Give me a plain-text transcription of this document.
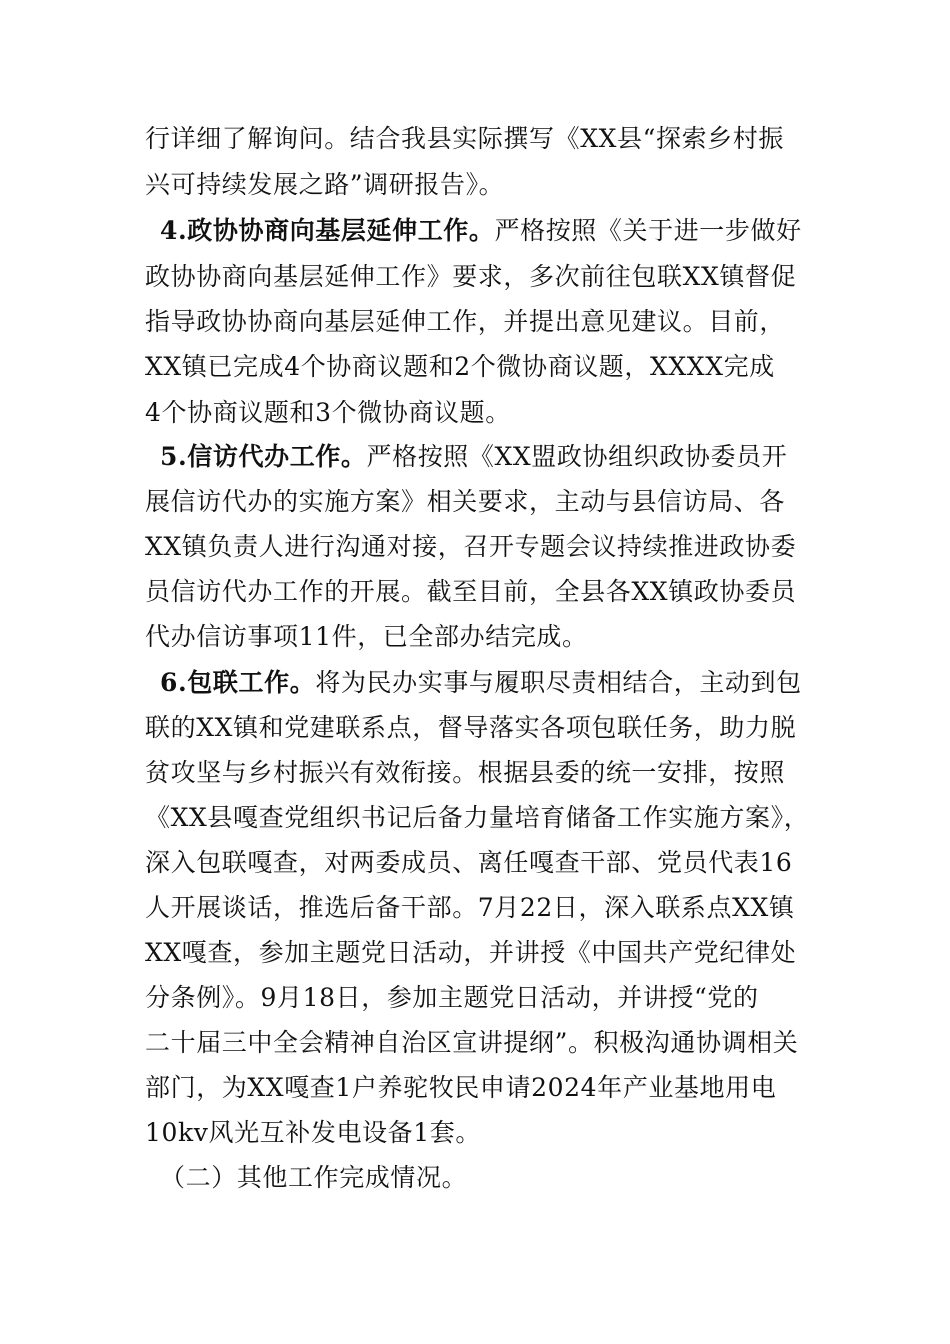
行详细了解询问。结合我县实际撰写《XX县“探索乡村振
兴可持续发展之路”调研报告》。
4.政协协商向基层延伸工作。严格按照《关于进一步做好
政协协商向基层延伸工作》要求，多次前往包联XX镇督促
指导政协协商向基层延伸工作，并提出意见建议。目前，
XX镇已完成4个协商议题和2个微协商议题，XXXX完成
4个协商议题和3个微协商议题。
5.信访代办工作。严格按照《XX盟政协组织政协委员开
展信访代办的实施方案》相关要求，主动与县信访局、各
XX镇负责人进行沟通对接，召开专题会议持续推进政协委
员信访代办工作的开展。截至目前，全县各XX镇政协委员
代办信访事项11件，已全部办结完成。
6.包联工作。将为民办实事与履职尽责相结合，主动到包
联的XX镇和党建联系点，督导落实各项包联任务，助力脱
贫攻坚与乡村振兴有效衔接。根据县委的统一安排，按照
《XX县嘎查党组织书记后备力量培育储备工作实施方案》，
深入包联嘎查，对两委成员、离任嘎查干部、党员代表16
人开展谈话，推选后备干部。7月22日，深入联系点XX镇
XX嘎查，参加主题党日活动，并讲授《中国共产党纪律处
分条例》。9月18日，参加主题党日活动，并讲授“党的
二十届三中全会精神自治区宣讲提纲”。积极沟通协调相关
部门，为XX嘎查1户养驼牧民申请2024年产业基地用电
10kv风光互补发电设备1套。
（二）其他工作完成情况。
